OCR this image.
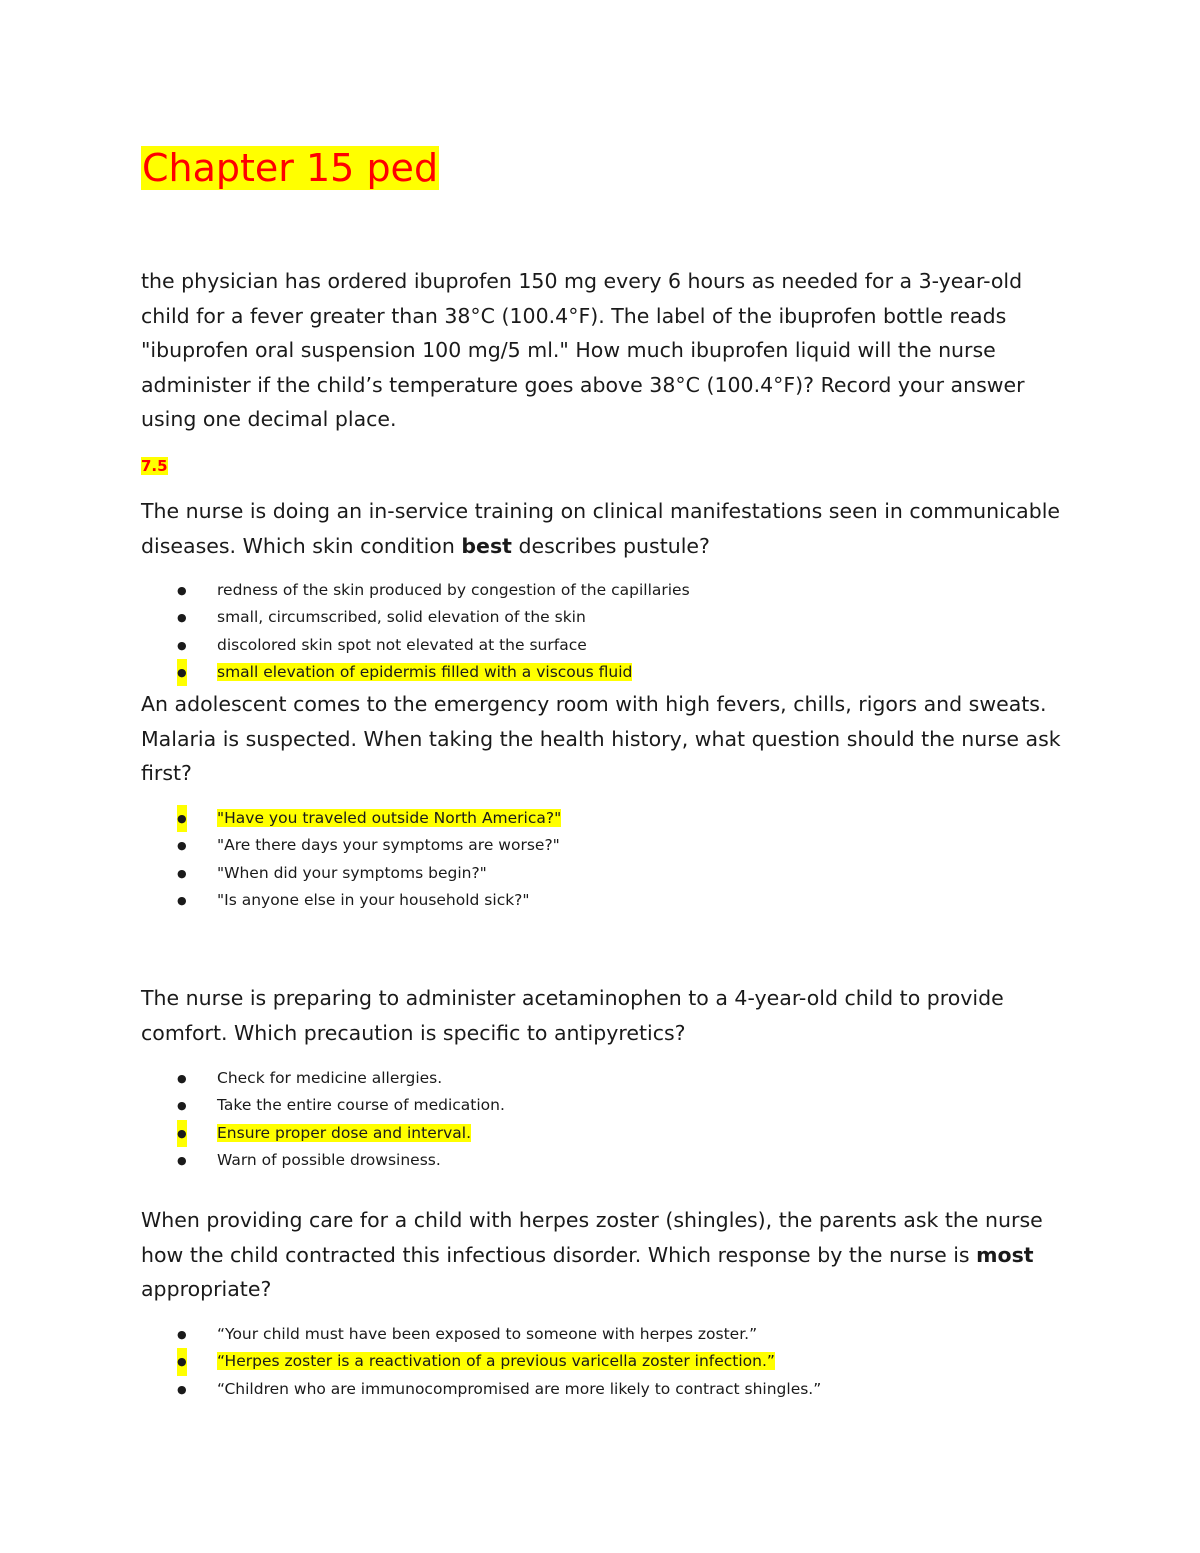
Chapter 15 ped

the physician has ordered ibuprofen 150 mg every 6 hours as needed for a 3-year-old child for a fever greater than 38°C (100.4°F). The label of the ibuprofen bottle reads "ibuprofen oral suspension 100 mg/5 ml." How much ibuprofen liquid will the nurse administer if the child’s temperature goes above 38°C (100.4°F)? Record your answer using one decimal place.

7.5

The nurse is doing an in-service training on clinical manifestations seen in communicable diseases. Which skin condition best describes pustule?

● redness of the skin produced by congestion of the capillaries
● small, circumscribed, solid elevation of the skin
● discolored skin spot not elevated at the surface
● small elevation of epidermis filled with a viscous fluid

An adolescent comes to the emergency room with high fevers, chills, rigors and sweats. Malaria is suspected. When taking the health history, what question should the nurse ask first?

● "Have you traveled outside North America?"
● "Are there days your symptoms are worse?"
● "When did your symptoms begin?"
● "Is anyone else in your household sick?"

The nurse is preparing to administer acetaminophen to a 4-year-old child to provide comfort. Which precaution is specific to antipyretics?

● Check for medicine allergies.
● Take the entire course of medication.
● Ensure proper dose and interval.
● Warn of possible drowsiness.

When providing care for a child with herpes zoster (shingles), the parents ask the nurse how the child contracted this infectious disorder. Which response by the nurse is most appropriate?

● “Your child must have been exposed to someone with herpes zoster.”
● “Herpes zoster is a reactivation of a previous varicella zoster infection.”
● “Children who are immunocompromised are more likely to contract shingles.”
